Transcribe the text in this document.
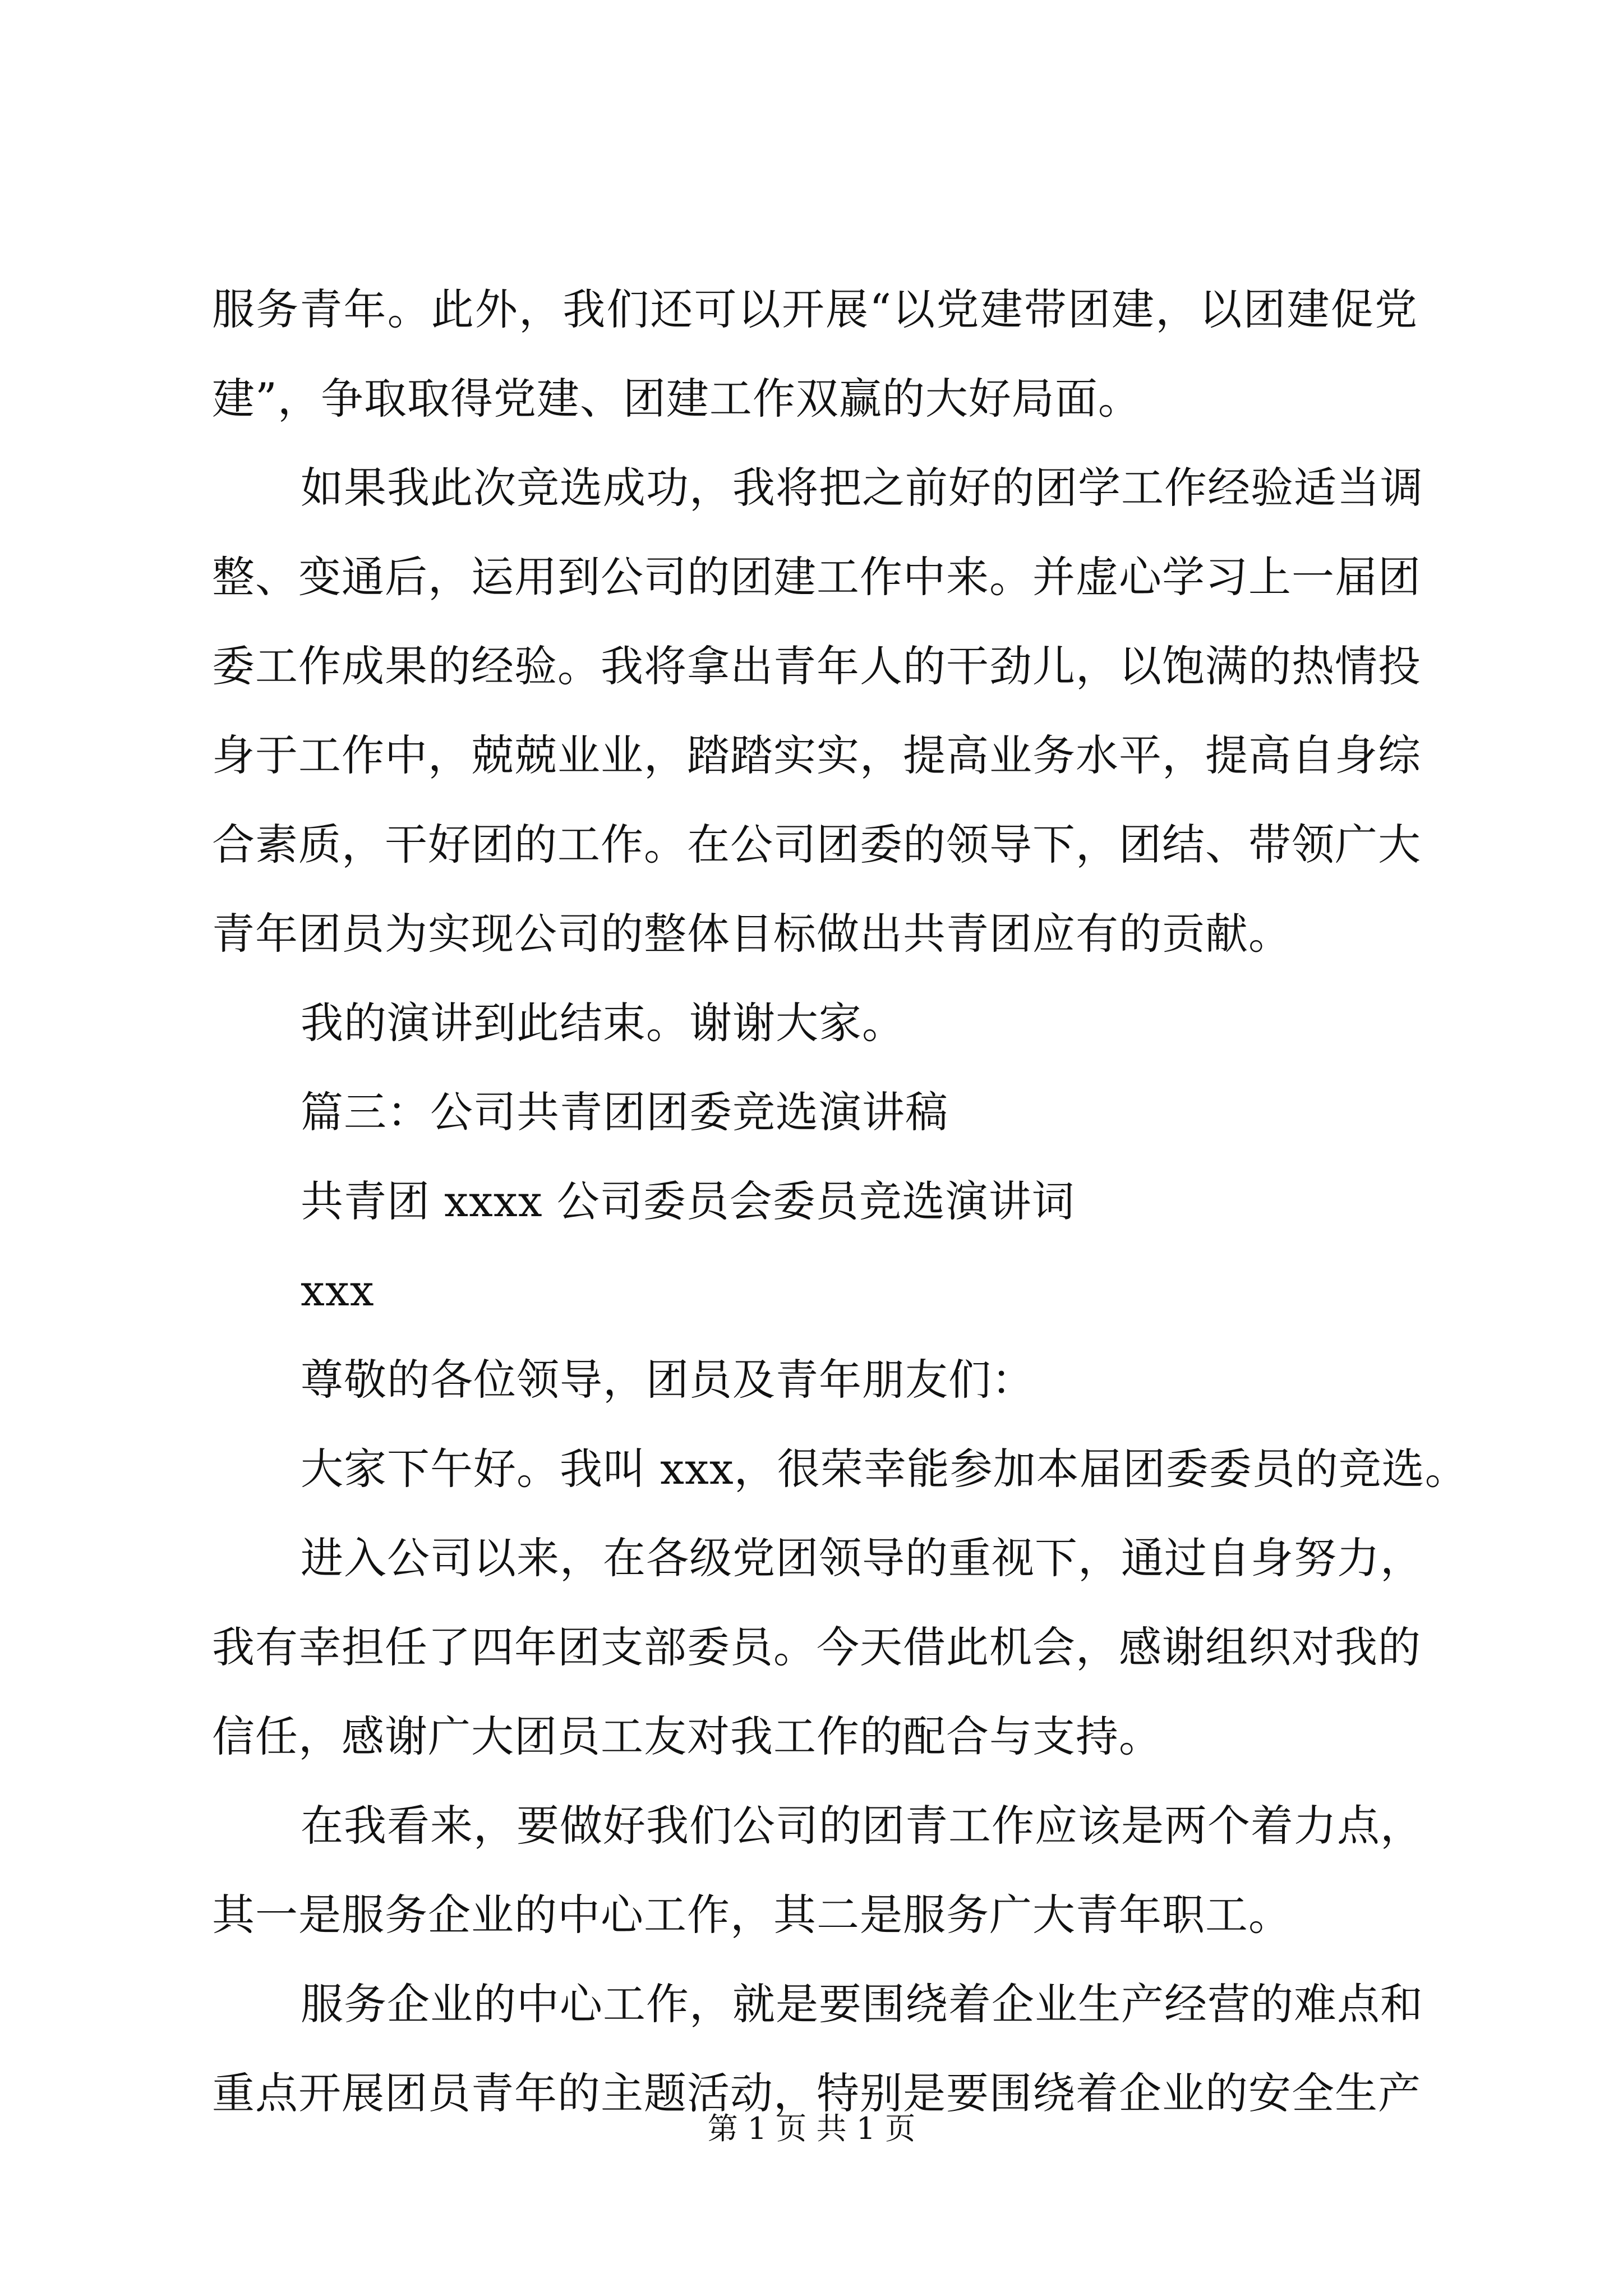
服务青年。此外，我们还可以开展“以党建带团建，以团建促党
建”，争取取得党建、团建工作双赢的大好局面。
如果我此次竞选成功，我将把之前好的团学工作经验适当调
整、变通后，运用到公司的团建工作中来。并虚心学习上一届团
委工作成果的经验。我将拿出青年人的干劲儿，以饱满的热情投
身于工作中，兢兢业业，踏踏实实，提高业务水平，提高自身综
合素质，干好团的工作。在公司团委的领导下，团结、带领广大
青年团员为实现公司的整体目标做出共青团应有的贡献。
我的演讲到此结束。谢谢大家。
篇三：公司共青团团委竞选演讲稿
共青团 xxxx 公司委员会委员竞选演讲词
xxx
尊敬的各位领导，团员及青年朋友们：
大家下午好。我叫 xxx，很荣幸能参加本届团委委员的竞选。
进入公司以来，在各级党团领导的重视下，通过自身努力，
我有幸担任了四年团支部委员。今天借此机会，感谢组织对我的
信任，感谢广大团员工友对我工作的配合与支持。
在我看来，要做好我们公司的团青工作应该是两个着力点，
其一是服务企业的中心工作，其二是服务广大青年职工。
服务企业的中心工作，就是要围绕着企业生产经营的难点和
重点开展团员青年的主题活动，特别是要围绕着企业的安全生产
第 1 页 共 1 页
